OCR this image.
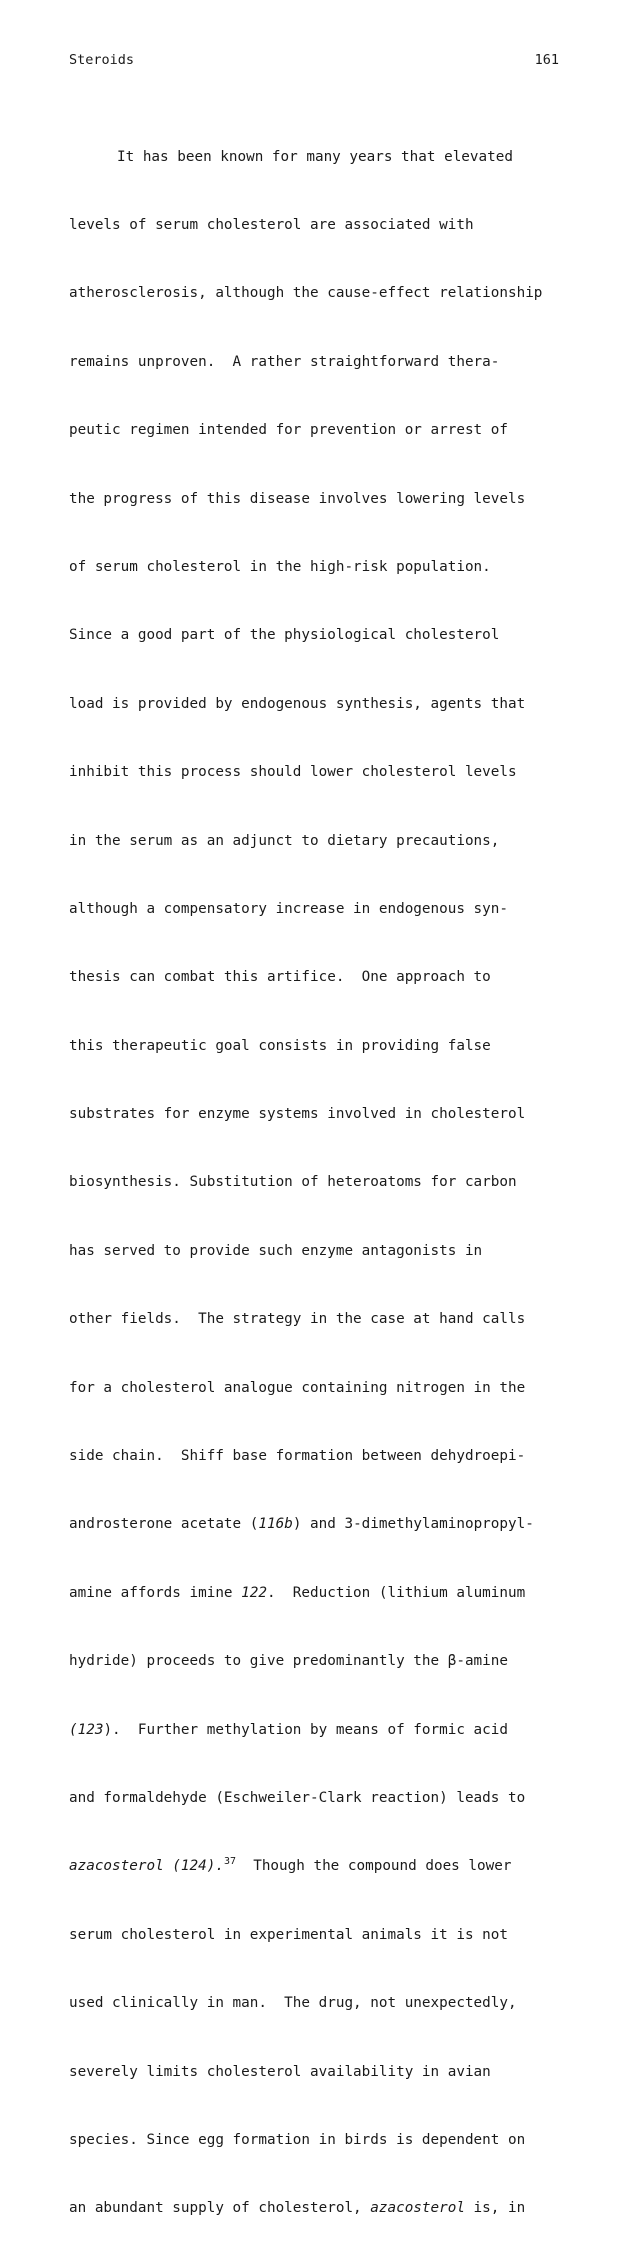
Steroids	161

It has been known for many years that elevated

levels of serum cholesterol are associated with

atherosclerosis, although the cause-effect relationship

remains unproven.  A rather straightforward thera-

peutic regimen intended for prevention or arrest of

the progress of this disease involves lowering levels

of serum cholesterol in the high-risk population.

Since a good part of the physiological cholesterol

load is provided by endogenous synthesis, agents that

inhibit this process should lower cholesterol levels

in the serum as an adjunct to dietary precautions,

although a compensatory increase in endogenous syn-

thesis can combat this artifice.  One approach to

this therapeutic goal consists in providing false

substrates for enzyme systems involved in cholesterol

biosynthesis. Substitution of heteroatoms for carbon

has served to provide such enzyme antagonists in

other fields.  The strategy in the case at hand calls

for a cholesterol analogue containing nitrogen in the

side chain.  Shiff base formation between dehydroepi-

androsterone acetate (116b) and 3-dimethylaminopropyl-

amine affords imine 122.  Reduction (lithium aluminum

hydride) proceeds to give predominantly the β-amine

(123).  Further methylation by means of formic acid

and formaldehyde (Eschweiler-Clark reaction) leads to

azacosterol (124).$^{37}$  Though the compound does lower

serum cholesterol in experimental animals it is not

used clinically in man.  The drug, not unexpectedly,

severely limits cholesterol availability in avian

species. Since egg formation in birds is dependent on

an abundant supply of cholesterol, azacosterol is, in
